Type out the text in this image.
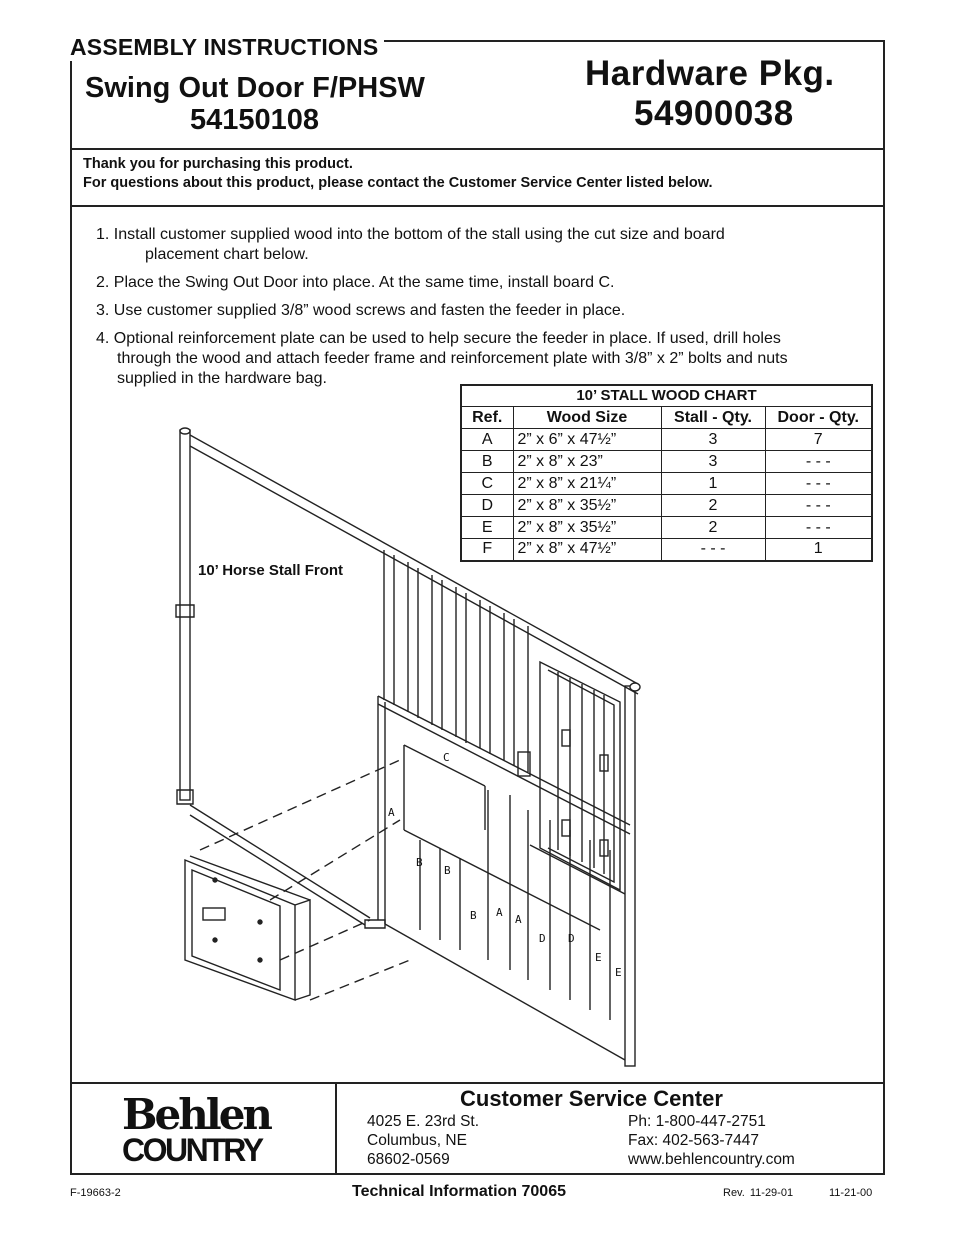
ASSEMBLY INSTRUCTIONS
Swing Out Door F/PHSW
54150108
Hardware Pkg.
54900038
Thank you for purchasing this product.
For questions about this product, please contact the Customer Service Center listed below.
1. Install customer supplied wood into the bottom of the stall using the cut size and board
placement chart below.
2. Place the Swing Out Door into place. At the same time, install board C.
3. Use customer supplied 3/8” wood screws and fasten the feeder in place.
4. Optional reinforcement plate can be used to help secure the feeder in place. If used, drill holes
through the wood and attach feeder frame and reinforcement plate with 3/8” x 2” bolts and nuts
supplied in the hardware bag.
C
A
B
B
B A
A
D D
E
E
10’ Horse Stall Front
10’ STALL WOOD CHART			
Ref.	Wood Size	Stall - Qty.	Door - Qty.
A	2” x 6” x 47½”	3	7
B	2” x 8” x 23”	3	- - -
C	2” x 8” x 21¼”	1	- - -
D	2” x 8” x 35½”	2	- - -
E	2” x 8” x 35½”	2	- - -
F	2” x 8” x 47½”	- - -	1
Behlen
COUNTRY
Customer Service Center
4025 E. 23rd St.
Columbus, NE
68602-0569
Ph: 1-800-447-2751
Fax: 402-563-7447
www.behlencountry.com
F-19663-2	Technical Information 70065	Rev. 11-29-01	11-21-00
